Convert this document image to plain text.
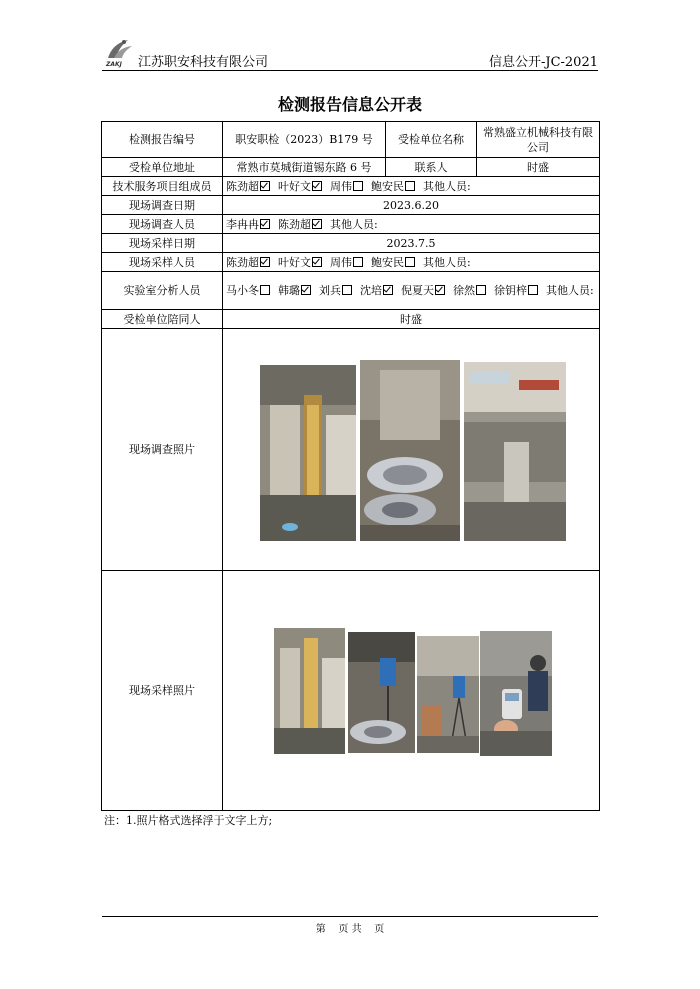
ZAKJ 江苏职安科技有限公司	信息公开-JC-2021
检测报告信息公开表
检测报告编号	职安职检（2023）B179 号	受检单位名称	常熟盛立机械科技有限公司
受检单位地址	常熟市莫城街道锡东路 6 号	联系人	时盛
技术服务项目组成员	陈劲超 叶好文 周伟 鲍安民 其他人员:		
现场调查日期	2023.6.20		
现场调查人员	李冉冉 陈劲超 其他人员:		
现场采样日期	2023.7.5		
现场采样人员	陈劲超 叶好文 周伟 鲍安民 其他人员:		
实验室分析人员	马小冬 韩璐 刘兵 沈培 倪夏天 徐然 徐钥梓 其他人员:		
受检单位陪同人	时盛		
现场调查照片	

现场采样照片	
注：1.照片格式选择浮于文字上方;
第    页 共    页
